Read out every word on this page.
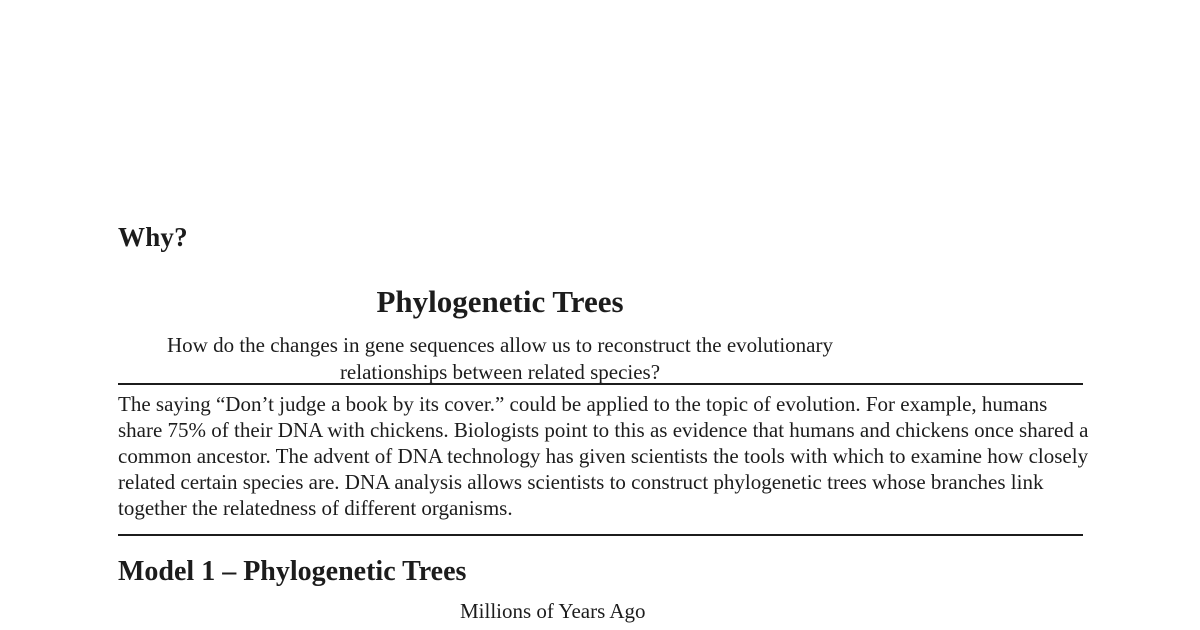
Why?
Phylogenetic Trees
How do the changes in gene sequences allow us to reconstruct the evolutionary relationships between related species?
The saying “Don’t judge a book by its cover.” could be applied to the topic of evolution. For example, humans share 75% of their DNA with chickens. Biologists point to this as evidence that humans and chickens once shared a common ancestor. The advent of DNA technology has given scientists the tools with which to examine how closely related certain species are. DNA analysis allows scientists to construct phylogenetic trees whose branches link together the relatedness of different organisms.
Model 1 – Phylogenetic Trees
Millions of Years Ago
